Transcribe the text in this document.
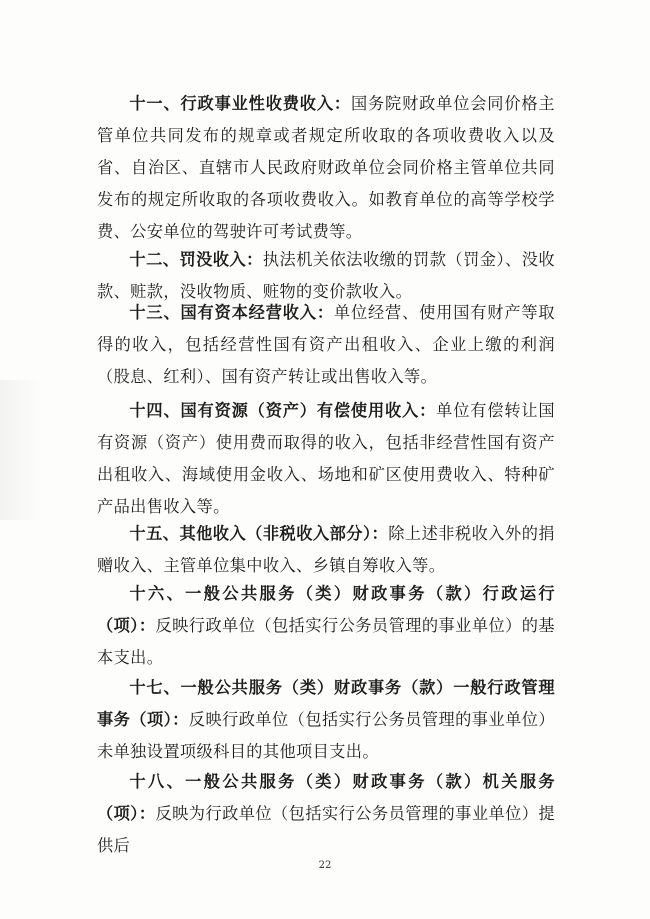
十一、行政事业性收费收入：国务院财政单位会同价格主管单位共同发布的规章或者规定所收取的各项收费收入以及省、自治区、直辖市人民政府财政单位会同价格主管单位共同发布的规定所收取的各项收费收入。如教育单位的高等学校学费、公安单位的驾驶许可考试费等。

十二、罚没收入：执法机关依法收缴的罚款（罚金）、没收款、赃款，没收物质、赃物的变价款收入。

十三、国有资本经营收入：单位经营、使用国有财产等取得的收入，包括经营性国有资产出租收入、企业上缴的利润（股息、红利）、国有资产转让或出售收入等。

十四、国有资源（资产）有偿使用收入：单位有偿转让国有资源（资产）使用费而取得的收入，包括非经营性国有资产出租收入、海域使用金收入、场地和矿区使用费收入、特种矿产品出售收入等。

十五、其他收入（非税收入部分）：除上述非税收入外的捐赠收入、主管单位集中收入、乡镇自筹收入等。

十六、一般公共服务（类）财政事务（款）行政运行（项）：反映行政单位（包括实行公务员管理的事业单位）的基本支出。

十七、一般公共服务（类）财政事务（款）一般行政管理事务（项）：反映行政单位（包括实行公务员管理的事业单位）未单独设置项级科目的其他项目支出。

十八、一般公共服务（类）财政事务（款）机关服务（项）：反映为行政单位（包括实行公务员管理的事业单位）提供后

22
